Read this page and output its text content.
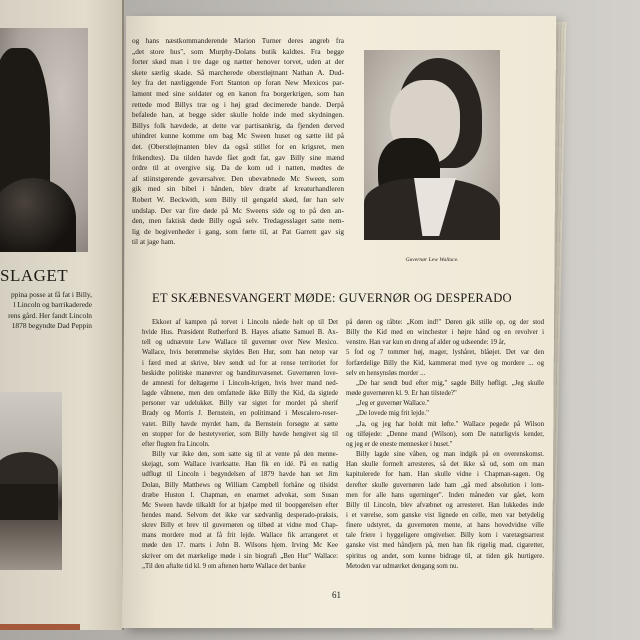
een.
SLAGET
ppina posse at få fat i Billy,
l Lincoln og barrikaderede
rens gård. Her fandt Lincoln
1878 begyndte Dad Peppin
og hans næstkommanderende Marion Turner deres angreb fra
„det store hus", som Murphy-Dolans butik kaldtes. Fra begge
forter skød man i tre dage og nætter henover torvet, uden at der
skete særlig skade. Så marcherede oberstløjtnant Nathan A. Dud-
ley fra det nærliggende Fort Stanton op foran New Mexicos par-
lament med sine soldater og en kanon fra borgerkrigen, som han
rettede mod Billys træ og i høj grad decimerede bande. Derpå
befalede han, at begge sider skulle holde inde med skydningen.
Billys folk hævdede, at dette var partisankrig, da fjenden derved
uhindret kunne komme om bag Mc Sween huset og sætte ild på
det. (Oberstløjtnanten blev da også stillet for en krigsret, men
frikendtes). Da tilden havde fået godt fat, gav Billy sine mænd
ordre til at overgive sig. Da de kom ud i natten, mødtes de
af stiinstgørende geværsalver. Den ubevæbnede Mc Sween, som
gik med sin bibel i hånden, blev dræbt af kreaturhandleren
Robert W. Beckwith, som Billy til gengæld skød, før han selv
undslap. Der var fire døde på Mc Sweens side og to på den an-
den, men faktisk døde Billy også selv. Tredagesslaget satte nem-
lig de begivenheder i gang, som førte til, at Pat Garrett gav sig
til at jage ham.
Guvernør Lew Wallace.
ET SKÆBNESVANGERT MØDE: GUVERNØR OG DESPERADO
Ekkoet af kampen på torvet i Lincoln nåede helt op til Det
hvide Hus. Præsident Rutherford B. Hayes afsatte Samuel B. Ax-
tell og udnævnte Lew Wallace til guvernør over New Mexico.
Wallace, hvis berømmelse skyldes Ben Hur, som han netop var
i færd med at skrive, blev sendt ud for at rense territoriet for
beskidte politiske manøvrer og banditurvæsenet. Guvernøren love-
de amnesti for deltagerne i Lincoln-krigen, hvis hver mand ned-
lagde våbnene, men den omfattede ikke Billy the Kid, da sigtede
personer var udelukket. Billy var sigtet for mordet på sherif
Brady og Morris J. Bernstein, en politimand i Mescalero-reser-
vatet. Billy havde myrdet ham, da Bernstein forsøgte at sætte
en stopper for de hestetyverier, som Billy havde hengivet sig til
efter flugten fra Lincoln.
Billy var ikke den, som satte sig til at vente på den menne-
skejagt, som Wallace iværksatte. Han fik en idé. På en natlig
udflugt til Lincoln i begyndelsen af 1879 havde han set Jim
Dolan, Billy Matthews og William Campbell forhåne og tilsidst
dræbe Huston I. Chapman, en enarmet advokat, som Susan
Mc Sween havde tilkaldt for at hjælpe med til boopgørelsen efter
hendes mand. Selvom det ikke var sædvanlig desperado-praksis,
skrev Billy et brev til guvernøren og tilbød at vidne mod Chap-
mans mordere mod at få frit lejde. Wallace fik arrangeret et
møde den 17. marts i John B. Wilsons hjem. Irving Mc Kee
skriver om det mærkelige møde i sin biografi „Ben Hur" Wallace:
„Til den aftalte tid kl. 9 om aftenen hørte Wallace det banke
på døren og råbte: „Kom ind!" Døren gik stille op, og der stod
Billy the Kid med en winchester i højre hånd og en revolver i
venstre. Han var kun en dreng af alder og udseende: 19 år,
5 fod og 7 tommer høj, mager, lyshåret, blåøjet. Det var den
forfærdelige Billy the Kid, kammerat med tyve og mordere ... og
selv en hensynsløs morder ...
„De har sendt bud efter mig," sagde Billy høfligt. „Jeg skulle
møde guvernøren kl. 9. Er han tilstede?"
„Jeg er guvernør Wallace."
„De lovede mig frit lejde."
„Ja, og jeg har holdt mit løfte." Wallace pegede på Wilson
og tilføjede: „Denne mand (Wilson), som De naturligvis kender,
og jeg er de eneste mennesker i huset."
Billy lagde sine våben, og man indgik på en overenskomst.
Han skulle formelt arresteres, så det ikke så ud, som om man
kapitulerede for ham. Han skulle vidne i Chapman-sagen. Og
derefter skulle guvernøren lade ham „gå med absolution i lom-
men for alle hans ugerninger". Inden måneden var gået, kom
Billy til Lincoln, blev afvæbnet og arresteret. Han lukkedes inde
i et værelse, som ganske vist lignede en celle, men var betydelig
finere udstyret, da guvernøren mente, at hans hovedvidne ville
tale friere i hyggeligere omgivelser. Billy kom i varetægtsarrest
ganske vist med håndjern på, men han fik rigelig mad, cigaretter,
spiritus og andet, som kunne bidrage til, at tiden gik hurtigere.
Metoden var udmærket dengang som nu.
61
